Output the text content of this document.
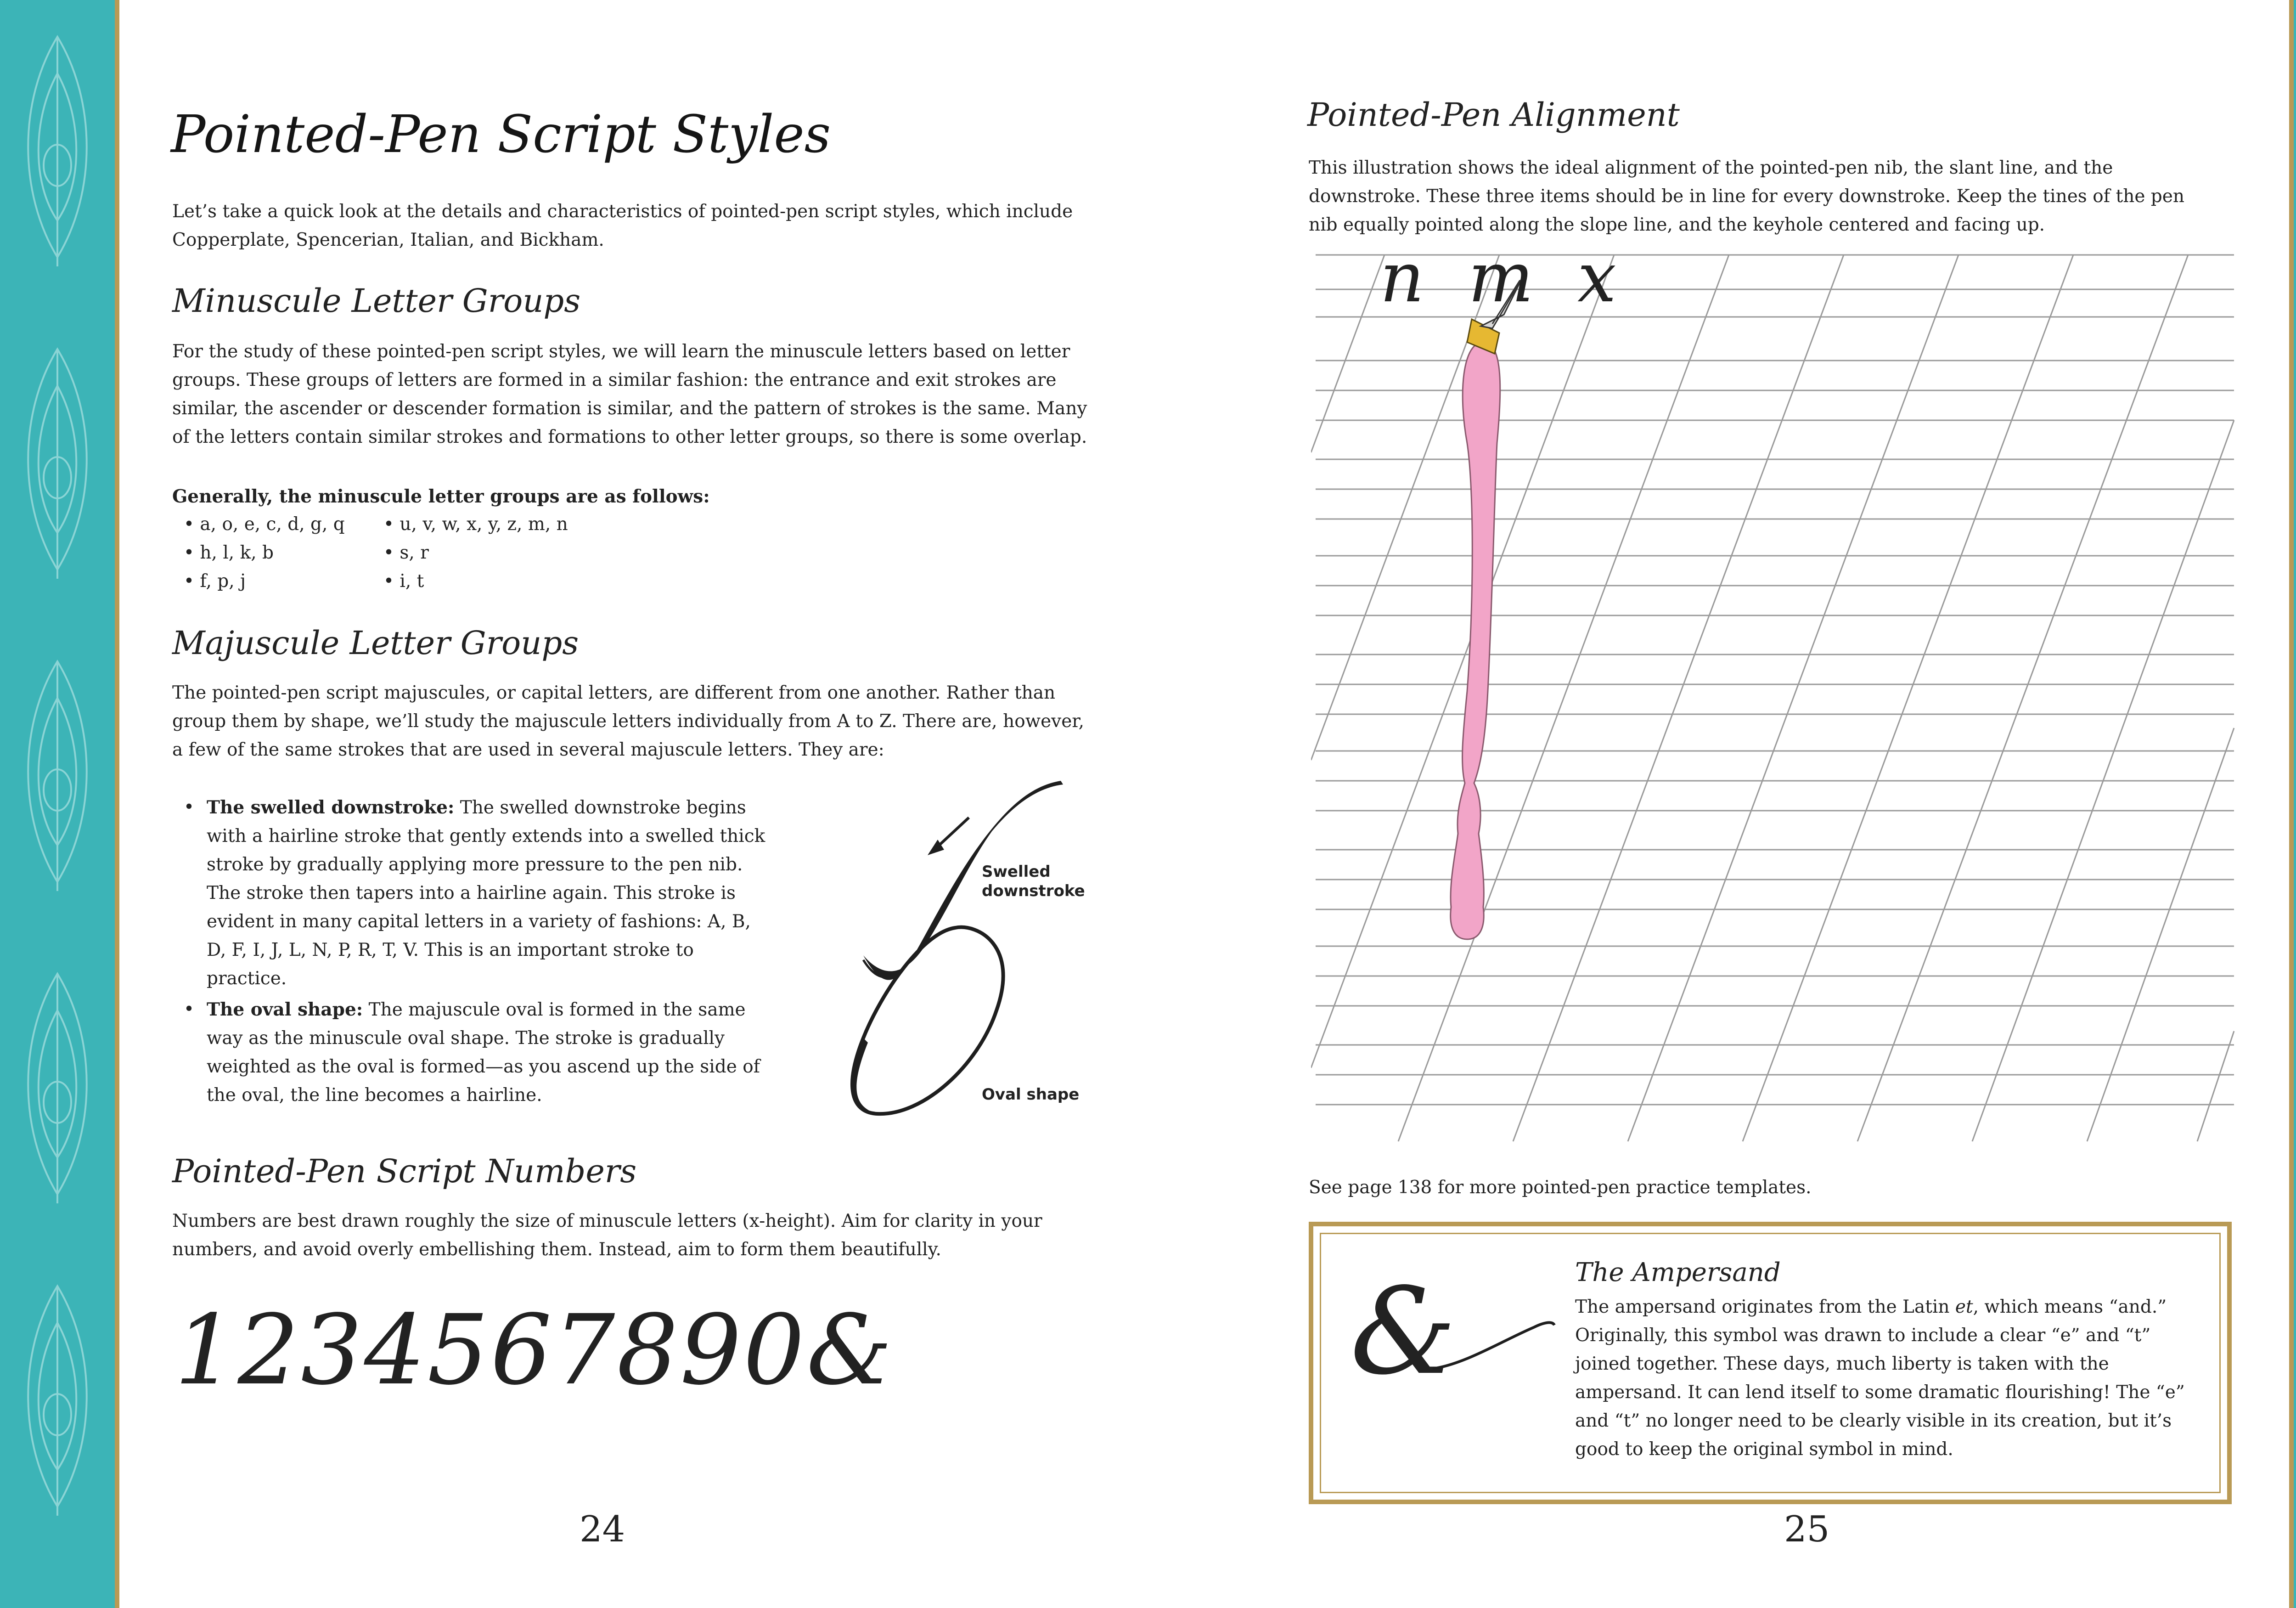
Pointed-Pen Script Styles

Let’s take a quick look at the details and characteristics of pointed-pen script styles, which include Copperplate, Spencerian, Italian, and Bickham.

Minuscule Letter Groups

For the study of these pointed-pen script styles, we will learn the minuscule letters based on letter groups. These groups of letters are formed in a similar fashion: the entrance and exit strokes are similar, the ascender or descender formation is similar, and the pattern of strokes is the same. Many of the letters contain similar strokes and formations to other letter groups, so there is some overlap.

Generally, the minuscule letter groups are as follows:
• a, o, e, c, d, g, q
• h, l, k, b
• f, p, j
• u, v, w, x, y, z, m, n
• s, r
• i, t
Majuscule Letter Groups

The pointed-pen script majuscules, or capital letters, are different from one another. Rather than group them by shape, we’ll study the majuscule letters individually from A to Z. There are, however, a few of the same strokes that are used in several majuscule letters. They are:

• The swelled downstroke: The swelled downstroke begins with a hairline stroke that gently extends into a swelled thick stroke by gradually applying more pressure to the pen nib. The stroke then tapers into a hairline again. This stroke is evident in many capital letters in a variety of fashions: A, B, D, F, I, J, L, N, P, R, T, V. This is an important stroke to practice.

• The oval shape: The majuscule oval is formed in the same way as the minuscule oval shape. The stroke is gradually weighted as the oval is formed—as you ascend up the side of the oval, the line becomes a hairline.

Swelled downstroke
Oval shape
Pointed-Pen Script Numbers

Numbers are best drawn roughly the size of minuscule letters (x-height). Aim for clarity in your numbers, and avoid overly embellishing them. Instead, aim to form them beautifully.

1234567890&
24
Pointed-Pen Alignment

This illustration shows the ideal alignment of the pointed-pen nib, the slant line, and the downstroke. These three items should be in line for every downstroke. Keep the tines of the pen nib equally pointed along the slope line, and the keyhole centered and facing up.

n m x
See page 138 for more pointed-pen practice templates.
&	The Ampersand

The ampersand originates from the Latin et, which means “and.” Originally, this symbol was drawn to include a clear “e” and “t” joined together. These days, much liberty is taken with the ampersand. It can lend itself to some dramatic flourishing! The “e” and “t” no longer need to be clearly visible in its creation, but it’s good to keep the original symbol in mind.

25
